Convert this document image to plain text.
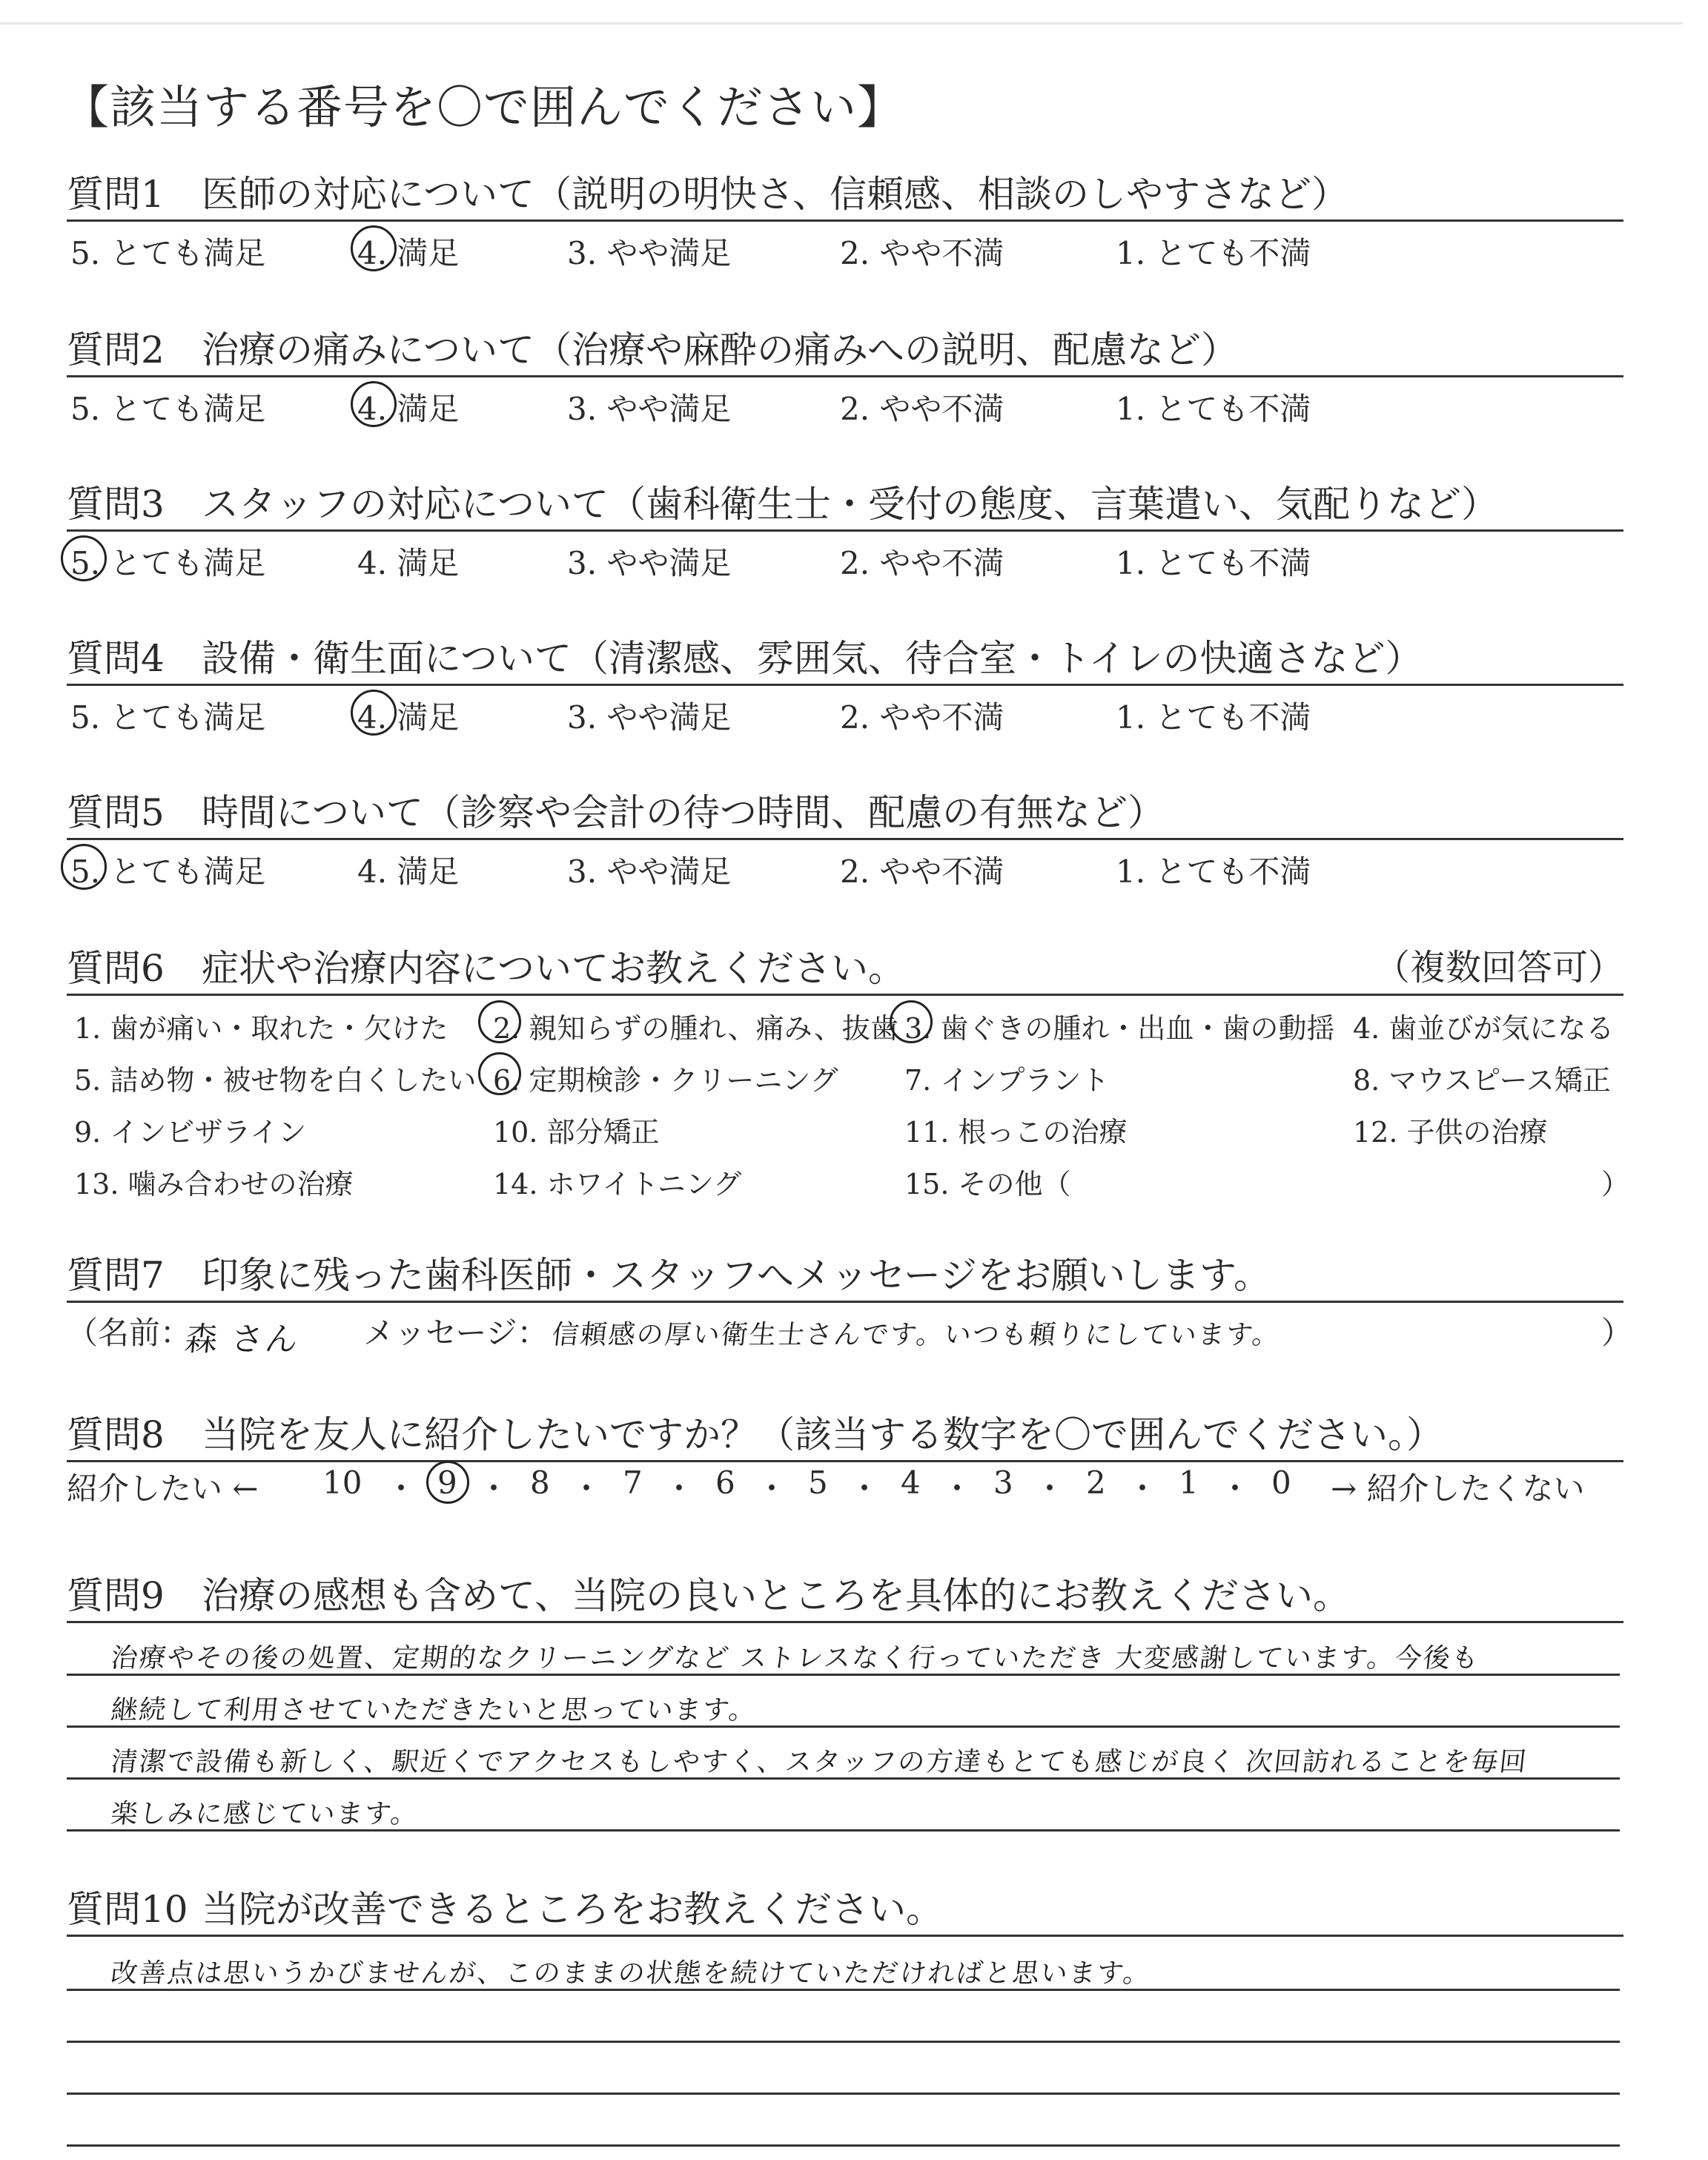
【該当する番号を〇で囲んでください】
質問1 医師の対応について（説明の明快さ、信頼感、相談のしやすさなど）
5. とても満足	4. 満足	3. やや満足	2. やや不満	1. とても不満
質問2 治療の痛みについて（治療や麻酔の痛みへの説明、配慮など）
5. とても満足	4. 満足	3. やや満足	2. やや不満	1. とても不満
質問3 スタッフの対応について（歯科衛生士・受付の態度、言葉遣い、気配りなど）
5. とても満足	4. 満足	3. やや満足	2. やや不満	1. とても不満
質問4 設備・衛生面について（清潔感、雰囲気、待合室・トイレの快適さなど）
5. とても満足	4. 満足	3. やや満足	2. やや不満	1. とても不満
質問5 時間について（診察や会計の待つ時間、配慮の有無など）
5. とても満足	4. 満足	3. やや満足	2. やや不満	1. とても不満
質問6 症状や治療内容についてお教えください。	（複数回答可）
1. 歯が痛い・取れた・欠けた 2. 親知らずの腫れ、痛み、抜歯 3. 歯ぐきの腫れ・出血・歯の動揺 4. 歯並びが気になる
5. 詰め物・被せ物を白くしたい 6. 定期検診・クリーニング 7. インプラント	8. マウスピース矯正
9. インビザライン	10. 部分矯正	11. 根っこの治療	12. 子供の治療
13. 噛み合わせの治療	14. ホワイトニング	15. その他（	）
質問7 印象に残った歯科医師・スタッフへメッセージをお願いします。
（名前：
森 さん メッセージ： 信頼感の厚い衛生士さんです。いつも頼りにしています。	）
質問8 当院を友人に紹介したいですか？（該当する数字を〇で囲んでください。）
紹介したい ← 10 ・ 9 ・ 8 ・ 7 ・ 6 ・ 5 ・ 4 ・ 3 ・ 2 ・ 1 ・ 0 → 紹介したくない
質問9 治療の感想も含めて、当院の良いところを具体的にお教えください。
治療やその後の処置、定期的なクリーニングなど ストレスなく行っていただき 大変感謝しています。今後も
継続して利用させていただきたいと思っています。
清潔で設備も新しく、駅近くでアクセスもしやすく、スタッフの方達もとても感じが良く 次回訪れることを毎回
楽しみに感じています。
質問10 当院が改善できるところをお教えください。
改善点は思いうかびませんが、このままの状態を続けていただければと思います。
